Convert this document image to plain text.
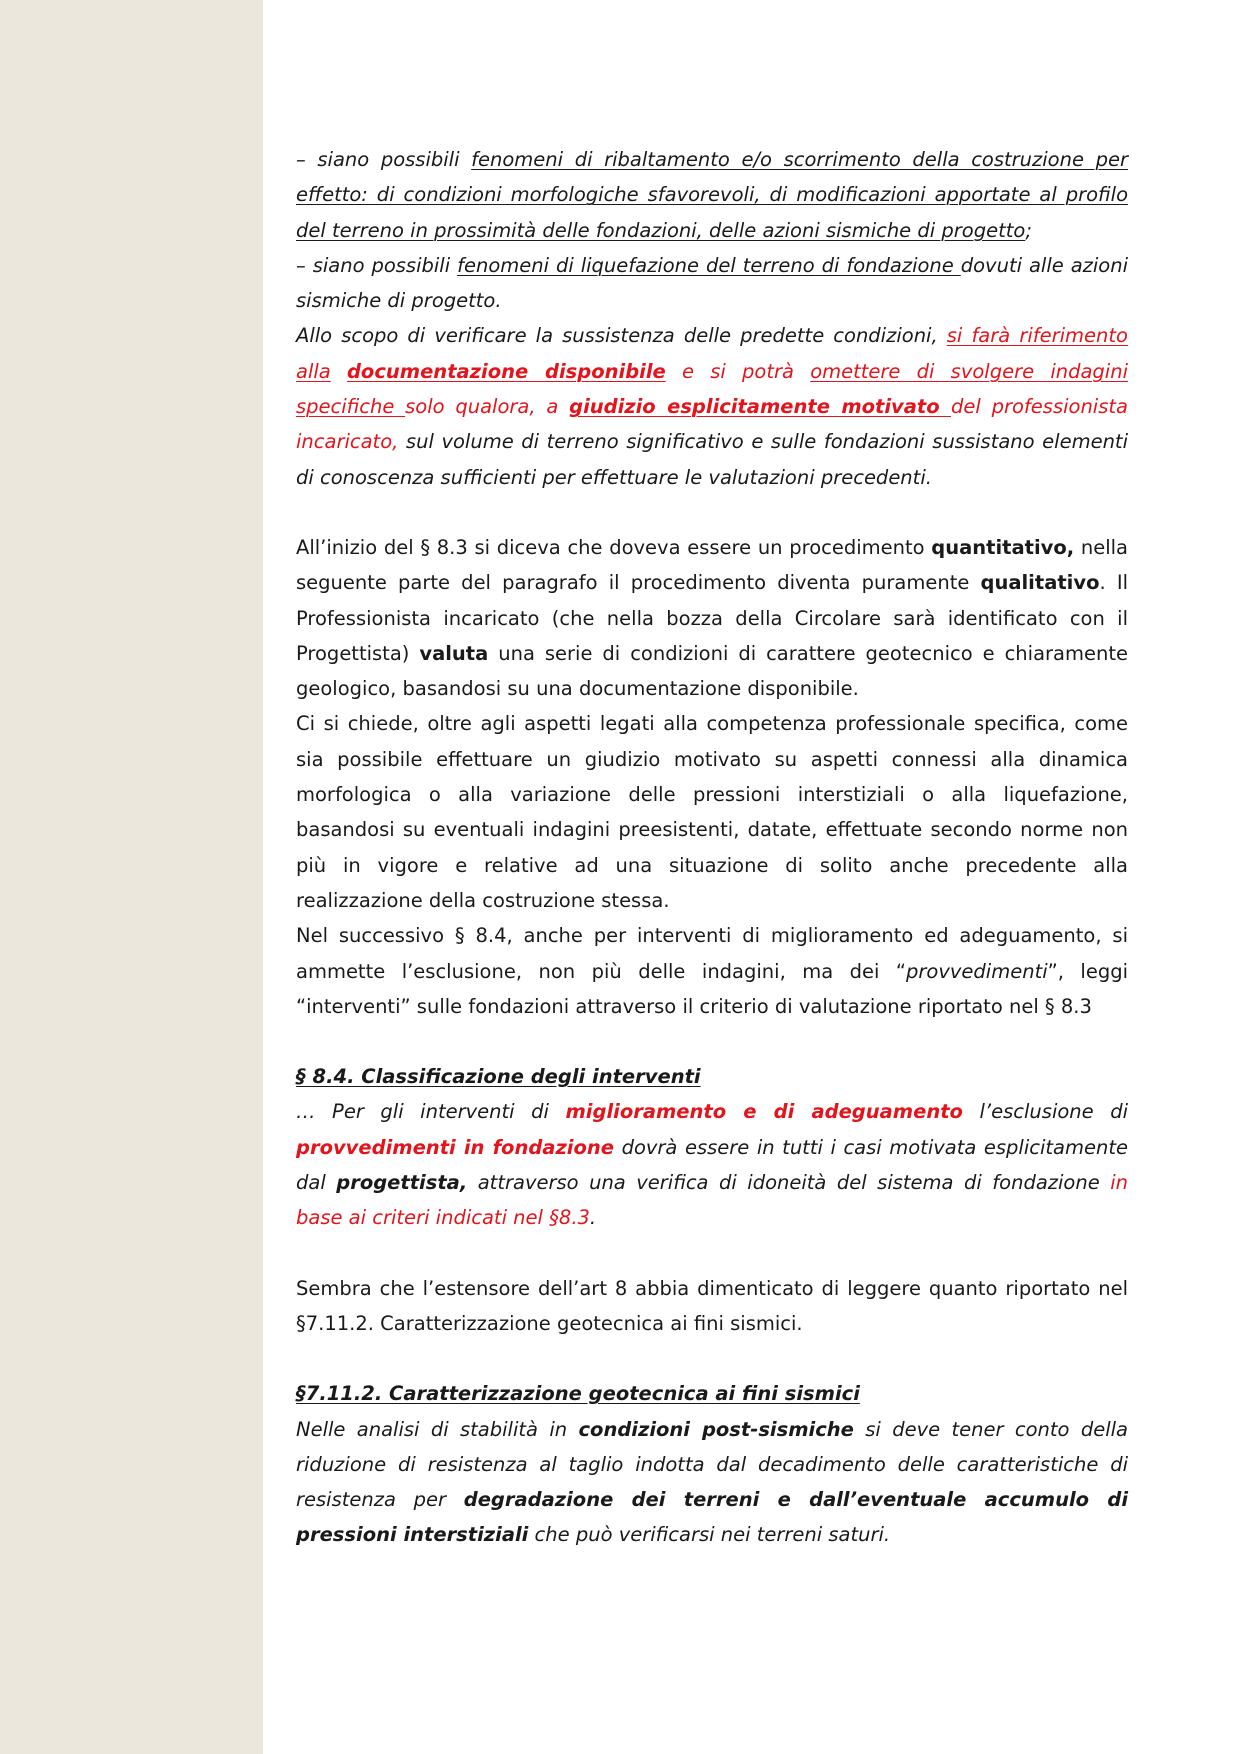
– siano possibili fenomeni di ribaltamento e/o scorrimento della costruzione per effetto: di condizioni morfologiche sfavorevoli, di modificazioni apportate al profilo del terreno in prossimità delle fondazioni, delle azioni sismiche di progetto;

– siano possibili fenomeni di liquefazione del terreno di fondazione dovuti alle azioni sismiche di progetto.

Allo scopo di verificare la sussistenza delle predette condizioni, si farà riferimento alla documentazione disponibile e si potrà omettere di svolgere indagini specifiche solo qualora, a giudizio esplicitamente motivato del professionista incaricato, sul volume di terreno significativo e sulle fondazioni sussistano elementi di conoscenza sufficienti per effettuare le valutazioni precedenti.

All’inizio del § 8.3 si diceva che doveva essere un procedimento quantitativo, nella seguente parte del paragrafo il procedimento diventa puramente qualitativo. Il Professionista incaricato (che nella bozza della Circolare sarà identificato con il Progettista) valuta una serie di condizioni di carattere geotecnico e chiaramente geologico, basandosi su una documentazione disponibile.

Ci si chiede, oltre agli aspetti legati alla competenza professionale specifica, come sia possibile effettuare un giudizio motivato su aspetti connessi alla dinamica morfologica o alla variazione delle pressioni interstiziali o alla liquefazione, basandosi su eventuali indagini preesistenti, datate, effettuate secondo norme non più in vigore e relative ad una situazione di solito anche precedente alla realizzazione della costruzione stessa.

Nel successivo § 8.4, anche per interventi di miglioramento ed adeguamento, si ammette l’esclusione, non più delle indagini, ma dei “provvedimenti”, leggi “interventi” sulle fondazioni attraverso il criterio di valutazione riportato nel § 8.3

§ 8.4. Classificazione degli interventi

… Per gli interventi di miglioramento e di adeguamento l’esclusione di provvedimenti in fondazione dovrà essere in tutti i casi motivata esplicitamente dal progettista, attraverso una verifica di idoneità del sistema di fondazione in base ai criteri indicati nel §8.3.

Sembra che l’estensore dell’art 8 abbia dimenticato di leggere quanto riportato nel §7.11.2. Caratterizzazione geotecnica ai fini sismici.

§7.11.2. Caratterizzazione geotecnica ai fini sismici

Nelle analisi di stabilità in condizioni post-sismiche si deve tener conto della riduzione di resistenza al taglio indotta dal decadimento delle caratteristiche di resistenza per degradazione dei terreni e dall’eventuale accumulo di pressioni interstiziali che può verificarsi nei terreni saturi.
